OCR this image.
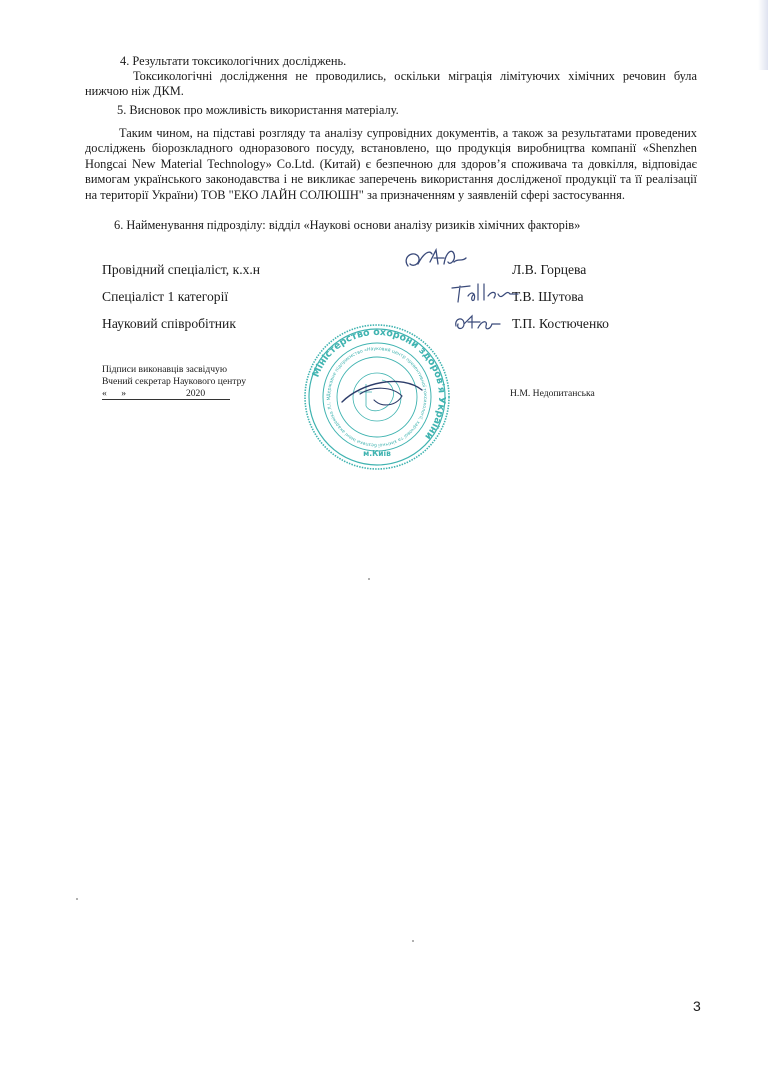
4. Результати токсикологічних досліджень.

Токсикологічні дослідження не проводились, оскільки міграція лімітуючих хімічних речовин була нижчою ніж ДКМ.

5. Висновок про можливість використання матеріалу.

Таким чином, на підставі розгляду та аналізу супровідних документів, а також за результатами проведених досліджень біорозкладного одноразового посуду, встановлено, що продукція виробництва компанії «Shenzhen Hongcai New Material Technology» Co.Ltd. (Китай) є безпечною для здоров’я споживача та довкілля, відповідає вимогам українського законодавства і не викликає заперечень використання дослідженої продукції та її реалізації на території України) ТОВ "ЕКО ЛАЙН СОЛЮШН" за призначенням у заявленій сфері застосування.

6. Найменування підрозділу: відділ «Наукові основи аналізу ризиків хімічних факторів»
Провідний спеціаліст, к.х.н	Л.В. Горцева
Спеціаліст 1 категорії	Т.В. Шутова
Науковий співробітник	Т.П. Костюченко
Підписи виконавців засвідчую
Вчений секретар Наукового центру
«      »                         2020	Н.М. Недопитанська
Міністерство охорони здоров'я України
Державне підприємство «Науковий центр превентивної токсикології, харчової та хімічної безпеки імені академіка Л.І. М
м.Київ
3
